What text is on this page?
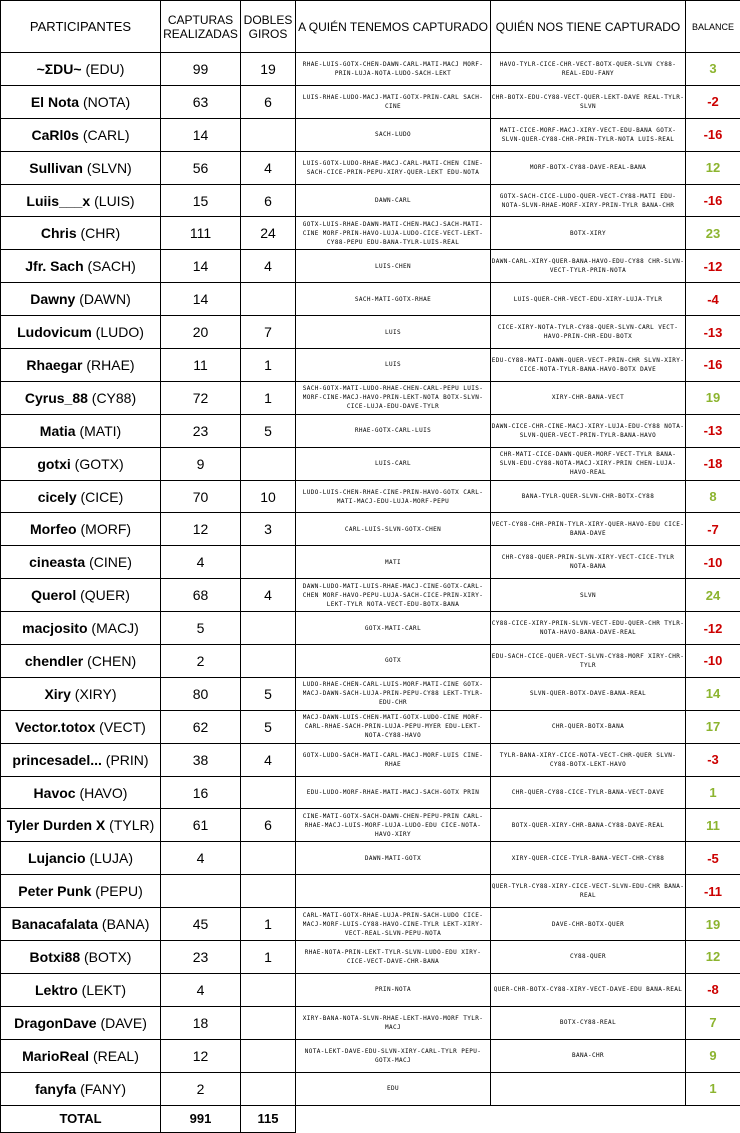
PARTICIPANTES	CAPTURAS REALIZADAS	DOBLES GIROS	A QUIÉN TENEMOS CAPTURADO	QUIÉN NOS TIENE CAPTURADO	BALANCE
~ΣDU~ (EDU)	99	19	RHAE-LUIS-GOTX-CHEN-DAWN-CARL-MATI-MACJ MORF-PRIN-LUJA-NOTA-LUDO-SACH-LEKT	HAVO-TYLR-CICE-CHR-VECT-BOTX-QUER-SLVN CY88-REAL-EDU-FANY	3
El Nota (NOTA)	63	6	LUIS-RHAE-LUDO-MACJ-MATI-GOTX-PRIN-CARL SACH-CINE	CHR-BOTX-EDU-CY88-VECT-QUER-LEKT-DAVE REAL-TYLR-SLVN	-2
CaRl0s (CARL)	14		SACH-LUDO	MATI-CICE-MORF-MACJ-XIRY-VECT-EDU-BANA GOTX-SLVN-QUER-CY88-CHR-PRIN-TYLR-NOTA LUIS-REAL	-16
Sullivan (SLVN)	56	4	LUIS-GOTX-LUDO-RHAE-MACJ-CARL-MATI-CHEN CINE-SACH-CICE-PRIN-PEPU-XIRY-QUER-LEKT EDU-NOTA	MORF-BOTX-CY88-DAVE-REAL-BANA	12
Luiis___x (LUIS)	15	6	DAWN-CARL	GOTX-SACH-CICE-LUDO-QUER-VECT-CY88-MATI EDU-NOTA-SLVN-RHAE-MORF-XIRY-PRIN-TYLR BANA-CHR	-16
Chris (CHR)	111	24	GOTX-LUIS-RHAE-DAWN-MATI-CHEN-MACJ-SACH-MATI-CINE MORF-PRIN-HAVO-LUJA-LUDO-CICE-VECT-LEKT-CY88-PEPU EDU-BANA-TYLR-LUIS-REAL	BOTX-XIRY	23
Jfr. Sach (SACH)	14	4	LUIS-CHEN	DAWN-CARL-XIRY-QUER-BANA-HAVO-EDU-CY88 CHR-SLVN-VECT-TYLR-PRIN-NOTA	-12
Dawny (DAWN)	14		SACH-MATI-GOTX-RHAE	LUIS-QUER-CHR-VECT-EDU-XIRY-LUJA-TYLR	-4
Ludovicum (LUDO)	20	7	LUIS	CICE-XIRY-NOTA-TYLR-CY88-QUER-SLVN-CARL VECT-HAVO-PRIN-CHR-EDU-BOTX	-13
Rhaegar (RHAE)	11	1	LUIS	EDU-CY88-MATI-DAWN-QUER-VECT-PRIN-CHR SLVN-XIRY-CICE-NOTA-TYLR-BANA-HAVO-BOTX DAVE	-16
Cyrus_88 (CY88)	72	1	SACH-GOTX-MATI-LUDO-RHAE-CHEN-CARL-PEPU LUIS-MORF-CINE-MACJ-HAVO-PRIN-LEKT-NOTA BOTX-SLVN-CICE-LUJA-EDU-DAVE-TYLR	XIRY-CHR-BANA-VECT	19
Matia (MATI)	23	5	RHAE-GOTX-CARL-LUIS	DAWN-CICE-CHR-CINE-MACJ-XIRY-LUJA-EDU-CY88 NOTA-SLVN-QUER-VECT-PRIN-TYLR-BANA-HAVO	-13
gotxi (GOTX)	9		LUIS-CARL	CHR-MATI-CICE-DAWN-QUER-MORF-VECT-TYLR BANA-SLVN-EDU-CY88-NOTA-MACJ-XIRY-PRIN CHEN-LUJA-HAVO-REAL	-18
cicely (CICE)	70	10	LUDO-LUIS-CHEN-RHAE-CINE-PRIN-HAVO-GOTX CARL-MATI-MACJ-EDU-LUJA-MORF-PEPU	BANA-TYLR-QUER-SLVN-CHR-BOTX-CY88	8
Morfeo (MORF)	12	3	CARL-LUIS-SLVN-GOTX-CHEN	VECT-CY88-CHR-PRIN-TYLR-XIRY-QUER-HAVO-EDU CICE-BANA-DAVE	-7
cineasta (CINE)	4		MATI	CHR-CY88-QUER-PRIN-SLVN-XIRY-VECT-CICE-TYLR NOTA-BANA	-10
Querol (QUER)	68	4	DAWN-LUDO-MATI-LUIS-RHAE-MACJ-CINE-GOTX-CARL-CHEN MORF-HAVO-PEPU-LUJA-SACH-CICE-PRIN-XIRY-LEKT-TYLR NOTA-VECT-EDU-BOTX-BANA	SLVN	24
macjosito (MACJ)	5		GOTX-MATI-CARL	CY88-CICE-XIRY-PRIN-SLVN-VECT-EDU-QUER-CHR TYLR-NOTA-HAVO-BANA-DAVE-REAL	-12
chendler (CHEN)	2		GOTX	EDU-SACH-CICE-QUER-VECT-SLVN-CY88-MORF XIRY-CHR-TYLR	-10
Xiry (XIRY)	80	5	LUDO-RHAE-CHEN-CARL-LUIS-MORF-MATI-CINE GOTX-MACJ-DAWN-SACH-LUJA-PRIN-PEPU-CY88 LEKT-TYLR-EDU-CHR	SLVN-QUER-BOTX-DAVE-BANA-REAL	14
Vector.totox (VECT)	62	5	MACJ-DAWN-LUIS-CHEN-MATI-GOTX-LUDO-CINE MORF-CARL-RHAE-SACH-PRIN-LUJA-PEPU-MYER EDU-LEKT-NOTA-CY88-HAVO	CHR-QUER-BOTX-BANA	17
princesadel... (PRIN)	38	4	GOTX-LUDO-SACH-MATI-CARL-MACJ-MORF-LUIS CINE-RHAE	TYLR-BANA-XIRY-CICE-NOTA-VECT-CHR-QUER SLVN-CY88-BOTX-LEKT-HAVO	-3
Havoc (HAVO)	16		EDU-LUDO-MORF-RHAE-MATI-MACJ-SACH-GOTX PRIN	CHR-QUER-CY88-CICE-TYLR-BANA-VECT-DAVE	1
Tyler Durden X (TYLR)	61	6	CINE-MATI-GOTX-SACH-DAWN-CHEN-PEPU-PRIN CARL-RHAE-MACJ-LUIS-MORF-LUJA-LUDO-EDU CICE-NOTA-HAVO-XIRY	BOTX-QUER-XIRY-CHR-BANA-CY88-DAVE-REAL	11
Lujancio (LUJA)	4		DAWN-MATI-GOTX	XIRY-QUER-CICE-TYLR-BANA-VECT-CHR-CY88	-5
Peter Punk (PEPU)				QUER-TYLR-CY88-XIRY-CICE-VECT-SLVN-EDU-CHR BANA-REAL	-11
Banacafalata (BANA)	45	1	CARL-MATI-GOTX-RHAE-LUJA-PRIN-SACH-LUDO CICE-MACJ-MORF-LUIS-CY88-HAVO-CINE-TYLR LEKT-XIRY-VECT-REAL-SLVN-PEPU-NOTA	DAVE-CHR-BOTX-QUER	19
Botxi88 (BOTX)	23	1	RHAE-NOTA-PRIN-LEKT-TYLR-SLVN-LUDO-EDU XIRY-CICE-VECT-DAVE-CHR-BANA	CY88-QUER	12
Lektro (LEKT)	4		PRIN-NOTA	QUER-CHR-BOTX-CY88-XIRY-VECT-DAVE-EDU BANA-REAL	-8
DragonDave (DAVE)	18		XIRY-BANA-NOTA-SLVN-RHAE-LEKT-HAVO-MORF TYLR-MACJ	BOTX-CY88-REAL	7
MarioReal (REAL)	12		NOTA-LEKT-DAVE-EDU-SLVN-XIRY-CARL-TYLR PEPU-GOTX-MACJ	BANA-CHR	9
fanyfa (FANY)	2		EDU		1
TOTAL	991	115			
